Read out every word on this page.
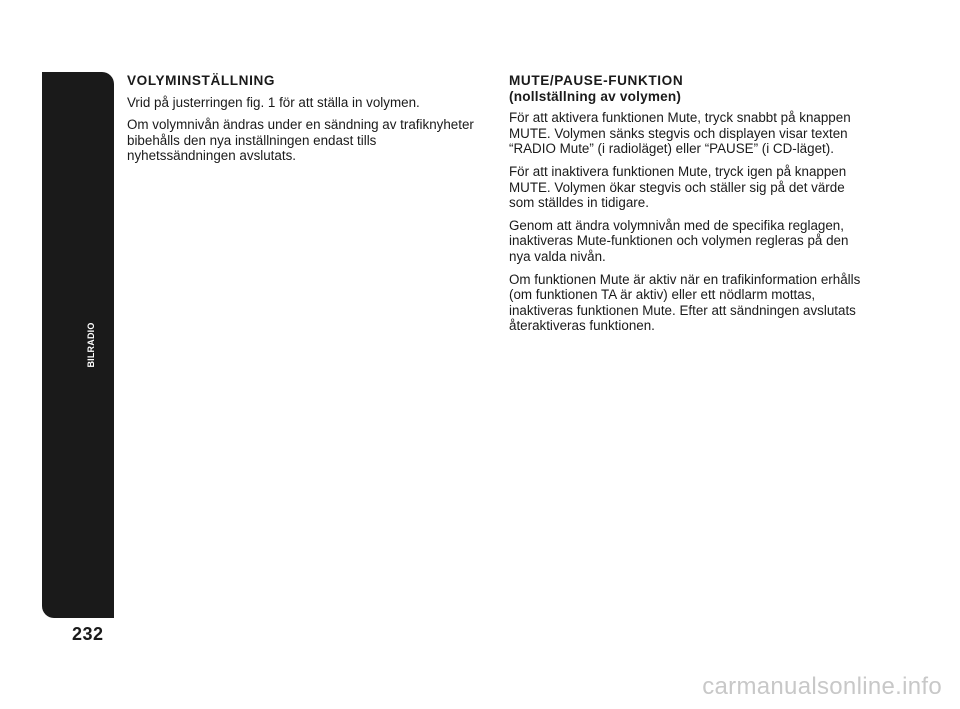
BILRADIO
232
VOLYMINSTÄLLNING

Vrid på justerringen fig. 1 för att ställa in volymen.

Om volymnivån ändras under en sändning av trafiknyheter bibehålls den nya inställningen endast tills nyhetssändningen avslutats.

MUTE/PAUSE-FUNKTION
(nollställning av volymen)

För att aktivera funktionen Mute, tryck snabbt på knappen MUTE. Volymen sänks stegvis och displayen visar texten “RADIO Mute” (i radioläget) eller “PAUSE” (i CD-läget).

För att inaktivera funktionen Mute, tryck igen på knappen MUTE. Volymen ökar stegvis och ställer sig på det värde som ställdes in tidigare.

Genom att ändra volymnivån med de specifika reglagen, inaktiveras Mute-funktionen och volymen regleras på den nya valda nivån.

Om funktionen Mute är aktiv när en trafikinformation erhålls (om funktionen TA är aktiv) eller ett nödlarm mottas, inaktiveras funktionen Mute. Efter att sändningen avslutats återaktiveras funktionen.

carmanualsonline.info
